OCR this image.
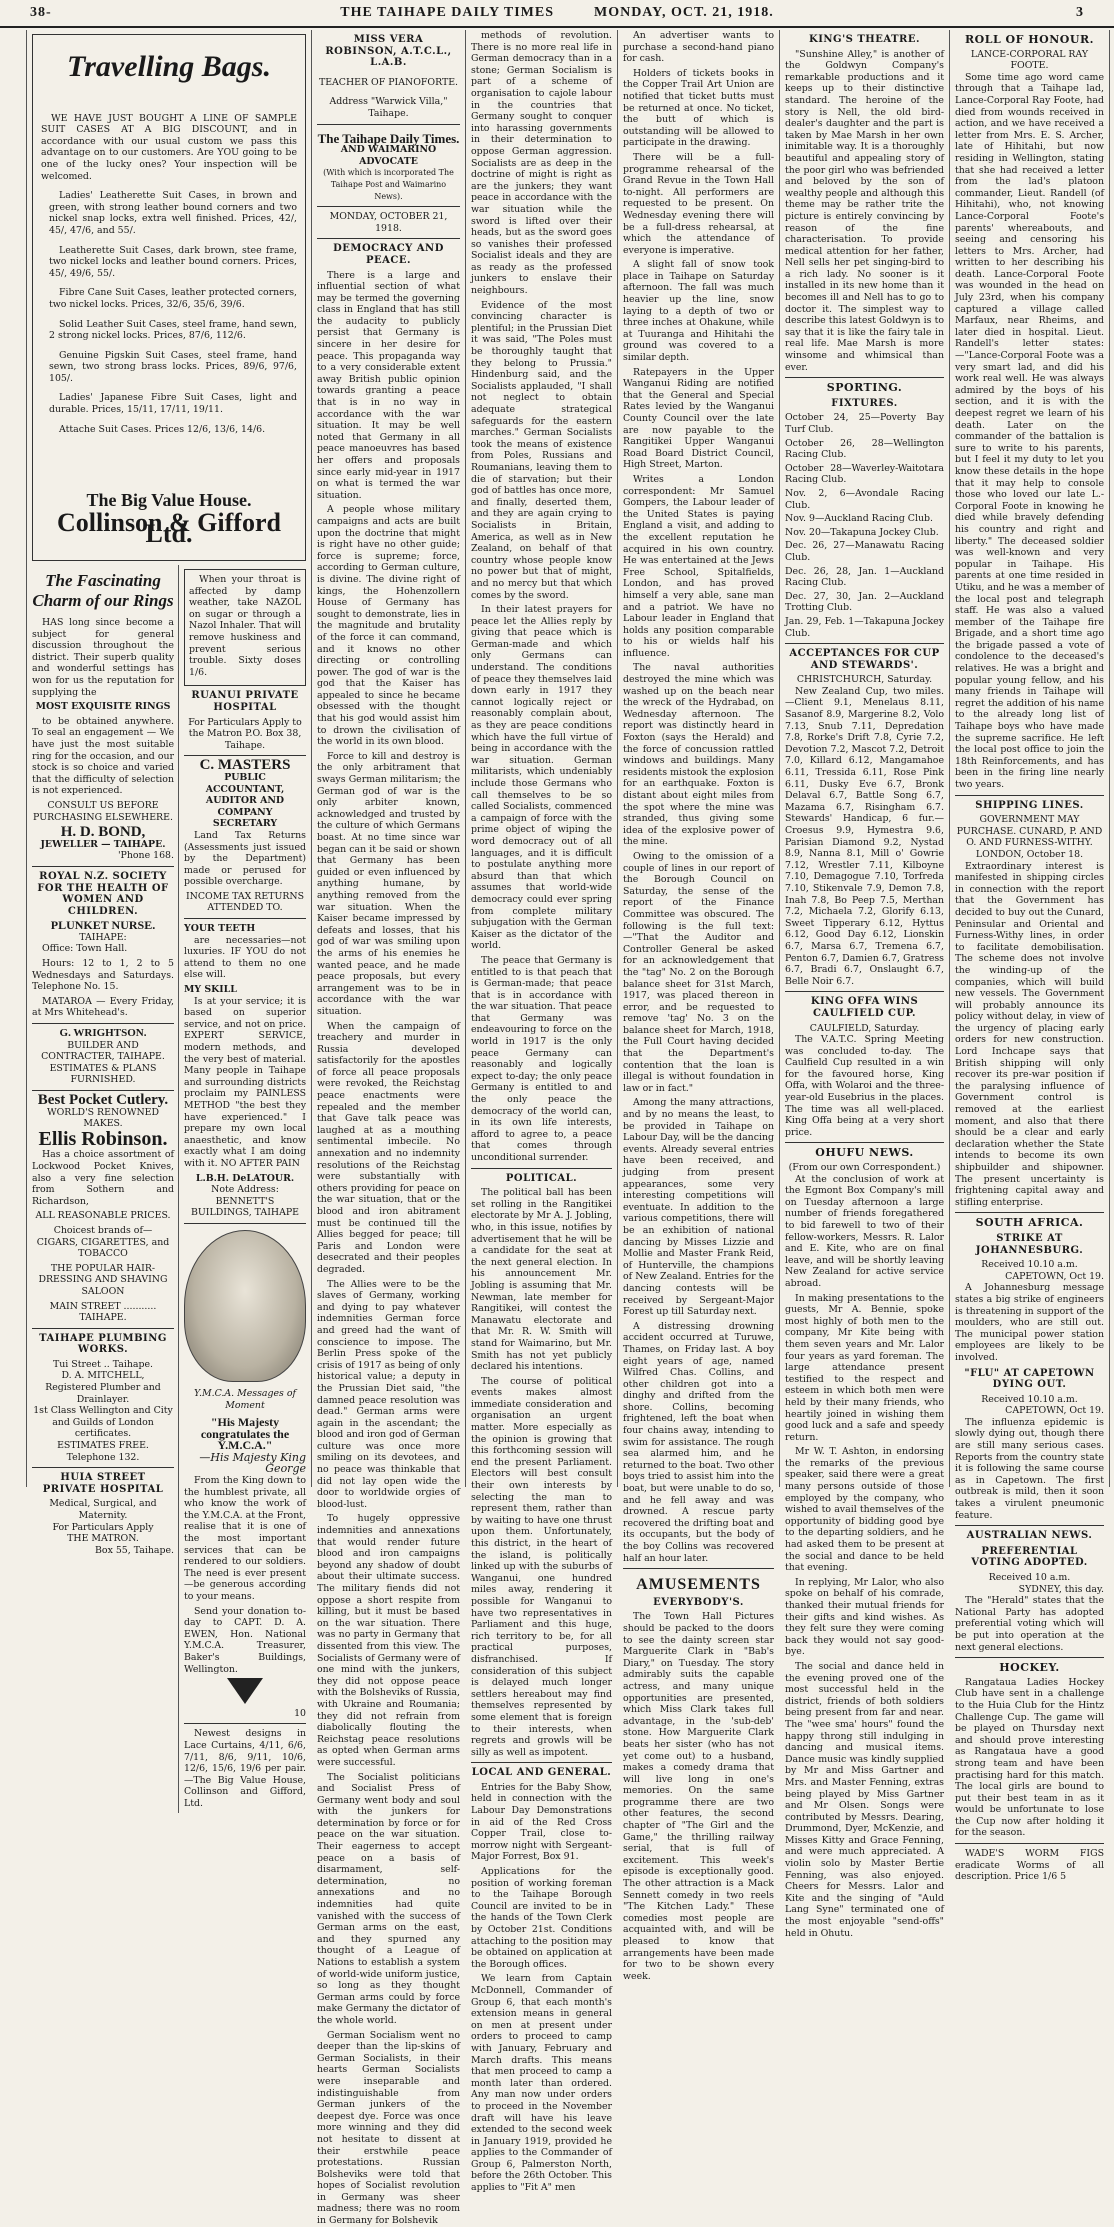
38-	THE TAIHAPE DAILY TIMES	MONDAY, OCT. 21, 1918.	3
Travelling Bags.

WE HAVE JUST BOUGHT A LINE OF SAMPLE SUIT CASES AT A BIG DISCOUNT, and in accordance with our usual custom we pass this advantage on to our customers. Are YOU going to be one of the lucky ones? Your inspection will be welcomed.

Ladies' Leatherette Suit Cases, in brown and green, with strong leather bound corners and two nickel snap locks, extra well finished. Prices, 42/, 45/, 47/6, and 55/.

Leatherette Suit Cases, dark brown, stee frame, two nickel locks and leather bound corners. Prices, 45/, 49/6, 55/.

Fibre Cane Suit Cases, leather protected corners, two nickel locks. Prices, 32/6, 35/6, 39/6.

Solid Leather Suit Cases, steel frame, hand sewn, 2 strong nickel locks. Prices, 87/6, 112/6.

Genuine Pigskin Suit Cases, steel frame, hand sewn, two strong brass locks. Prices, 89/6, 97/6, 105/.

Ladies' Japanese Fibre Suit Cases, light and durable. Prices, 15/11, 17/11, 19/11.

Attache Suit Cases. Prices 12/6, 13/6, 14/6.

The Big Value House.
Collinson & Gifford Ltd.
The Fascinating Charm of our Rings

HAS long since become a subject for general discussion throughout the district. Their superb quality and wonderful settings has won for us the reputation for supplying the

MOST EXQUISITE RINGS

to be obtained anywhere. To seal an engagement — We have just the most suitable ring for the occasion, and our stock is so choice and varied that the difficulty of selection is not experienced.

CONSULT US BEFORE PURCHASING ELSEWHERE.

H. D. BOND,
JEWELLER — TAIHAPE.
'Phone 168.
ROYAL N.Z. SOCIETY FOR THE HEALTH OF WOMEN AND CHILDREN.
PLUNKET NURSE.
TAIHAPE:

Office: Town Hall.

Hours: 12 to 1, 2 to 5 Wednesdays and Saturdays. Telephone No. 15.

MATAROA — Every Friday, at Mrs Whitehead's.

G. WRIGHTSON.
BUILDER AND CONTRACTER, TAIHAPE.
ESTIMATES & PLANS FURNISHED.
Best Pocket Cutlery.
WORLD'S RENOWNED MAKES.
Ellis Robinson.

Has a choice assortment of Lockwood Pocket Knives, also a very fine selection from Sothern and Richardson,

ALL REASONABLE PRICES.

Choicest brands of— CIGARS, CIGARETTES, and TOBACCO

THE POPULAR HAIR-DRESSING AND SHAVING SALOON

MAIN STREET ........... TAIHAPE.

TAIHAPE PLUMBING WORKS.
Tui Street .. Taihape.
D. A. MITCHELL,
Registered Plumber and Drainlayer.
1st Class Wellington and City and Guilds of London certificates.
ESTIMATES FREE.
Telephone 132.
HUIA STREET PRIVATE HOSPITAL
Medical, Surgical, and Maternity.
For Particulars Apply
THE MATRON.
Box 55, Taihape.

When your throat is affected by damp weather, take NAZOL on sugar or through a Nazol Inhaler. That will remove huskiness and prevent serious trouble. Sixty doses 1/6.

RUANUI PRIVATE HOSPITAL

For Particulars Apply to the Matron P.O. Box 38, Taihape.

C. MASTERS
PUBLIC ACCOUNTANT, AUDITOR AND COMPANY SECRETARY

Land Tax Returns (Assessments just issued by the Department) made or perused for possible overcharge.

INCOME TAX RETURNS ATTENDED TO.

YOUR TEETH

are necessaries—not luxuries. IF YOU do not attend to them no one else will.

MY SKILL

Is at your service; it is based on superior service, and not on price. EXPERT SERVICE, modern methods, and the very best of material. Many people in Taihape and surrounding districts proclaim my PAINLESS METHOD "the best they have experienced." I prepare my own local anaesthetic, and know exactly what I am doing with it. NO AFTER PAIN

L.B.H. DeLATOUR.
Note Address:
BENNETT'S BUILDINGS, TAIHAPE
Y.M.C.A. Messages of Moment
"His Majesty congratulates the Y.M.C.A."
—His Majesty King George

From the King down to the humblest private, all who know the work of the Y.M.C.A. at the Front, realise that it is one of the most important services that can be rendered to our soldiers. The need is ever present—be generous according to your means.

Send your donation to-day to CAPT. D. A. EWEN, Hon. National Y.M.C.A. Treasurer, Baker's Buildings, Wellington.

10

Newest designs in Lace Curtains, 4/11, 6/6, 7/11, 8/6, 9/11, 10/6, 12/6, 15/6, 19/6 per pair.—The Big Value House, Collinson and Gifford, Ltd.

MISS VERA ROBINSON, A.T.C.L., L.A.B.
TEACHER OF PIANOFORTE.
Address "Warwick Villa," Taihape.
The Taihape Daily Times.
AND WAIMARINO ADVOCATE
(With which is incorporated The Taihape Post and Waimarino News).
MONDAY, OCTOBER 21, 1918.
DEMOCRACY AND PEACE.

There is a large and influential section of what may be termed the governing class in England that has still the audacity to publicly persist that Germany is sincere in her desire for peace. This propaganda way to a very considerable extent away British public opinion towards granting a peace that is in no way in accordance with the war situation. It may be well noted that Germany in all peace manoeuvres has based her offers and proposals since early mid-year in 1917 on what is termed the war situation.

A people whose military campaigns and acts are built upon the doctrine that might is right have no other guide; force is supreme; force, according to German culture, is divine. The divine right of kings, the Hohenzollern House of Germany has sought to demonstrate, lies in the magnitude and brutality of the force it can command, and it knows no other directing or controlling power. The god of war is the god that the Kaiser has appealed to since he became obsessed with the thought that his god would assist him to drown the civilisation of the world in its own blood.

Force to kill and destroy is the only arbitrament that sways German militarism; the German god of war is the only arbiter known, acknowledged and trusted by the culture of which Germans boast. At no time since war began can it be said or shown that Germany has been guided or even influenced by anything humane, by anything removed from the war situation. When the Kaiser became impressed by defeats and losses, that his god of war was smiling upon the arms of his enemies he wanted peace, and he made peace proposals, but every arrangement was to be in accordance with the war situation.

When the campaign of treachery and murder in Russia developed satisfactorily for the apostles of force all peace proposals were revoked, the Reichstag peace enactments were repealed and the member that Gave talk peace was laughed at as a mouthing sentimental imbecile. No annexation and no indemnity resolutions of the Reichstag were substantially with others providing for peace on the war situation, that or the blood and iron abitrament must be continued till the Allies begged for peace; till Paris and London were desecrated and their peoples degraded.

The Allies were to be the slaves of Germany, working and dying to pay whatever indemnities German force and greed had the want of conscience to impose. The Berlin Press spoke of the crisis of 1917 as being of only historical value; a deputy in the Prussian Diet said, "the damned peace resolution was dead." German arms were again in the ascendant; the blood and iron god of German culture was once more smiling on its devotees, and no peace was thinkable that did not lay open wide the door to worldwide orgies of blood-lust.

To hugely oppressive indemnities and annexations that would render future blood and iron campaigns beyond any shadow of doubt about their ultimate success. The military fiends did not oppose a short respite from killing, but it must be based on the war situation. There was no party in Germany that dissented from this view. The Socialists of Germany were of one mind with the junkers, they did not oppose peace with the Bolsheviks of Russia, with Ukraine and Roumania; they did not refrain from diabolically flouting the Reichstag peace resolutions as opted when German arms were successful.

The Socialist politicians and Socialist Press of Germany went body and soul with the junkers for determination by force or for peace on the war situation. Their eagerness to accept peace on a basis of disarmament, self-determination, no annexations and no indemnities had quite vanished with the success of German arms on the east, and they spurned any thought of a League of Nations to establish a system of world-wide uniform justice, so long as they thought German arms could by force make Germany the dictator of the whole world.

German Socialism went no deeper than the lip-skins of German Socialists, in their hearts German Socialists were inseparable and indistinguishable from German junkers of the deepest dye. Force was once more winning and they did not hesitate to dissent at their erstwhile peace protestations. Russian Bolsheviks were told that hopes of Socialist revolution in Germany was sheer madness; there was no room in Germany for Bolshevik

methods of revolution. There is no more real life in German democracy than in a stone; German Socialism is part of a scheme of organisation to cajole labour in the countries that Germany sought to conquer into harassing governments in their determination to oppose German aggression. Socialists are as deep in the doctrine of might is right as are the junkers; they want peace in accordance with the war situation while the sword is lifted over their heads, but as the sword goes so vanishes their professed Socialist ideals and they are as ready as the professed junkers to enslave their neighbours.

Evidence of the most convincing character is plentiful; in the Prussian Diet it was said, "The Poles must be thoroughly taught that they belong to Prussia." Hindenburg said, and the Socialists applauded, "I shall not neglect to obtain adequate strategical safeguards for the eastern marches." German Socialists took the means of existence from Poles, Russians and Roumanians, leaving them to die of starvation; but their god of battles has once more, and finally, deserted them, and they are again crying to Socialists in Britain, America, as well as in New Zealand, on behalf of that country whose people know no power but that of might, and no mercy but that which comes by the sword.

In their latest prayers for peace let the Allies reply by giving that peace which is German-made and which only Germans can understand. The conditions of peace they themselves laid down early in 1917 they cannot logically reject or reasonably complain about, as they are peace conditions which have the full virtue of being in accordance with the war situation. German militarists, which undeniably include those Germans who call themselves to be so called Socialists, commenced a campaign of force with the prime object of wiping the word democracy out of all languages, and it is difficult to postulate anything more absurd than that which assumes that world-wide democracy could ever spring from complete military subjugation with the German Kaiser as the dictator of the world.

The peace that Germany is entitled to is that peach that is German-made; that peace that is in accordance with the war situation. That peace that Germany was endeavouring to force on the world in 1917 is the only peace Germany can reasonably and logically expect to-day; the only peace Germany is entitled to and the only peace the democracy of the world can, in its own life interests, afford to agree to, a peace that comes through unconditional surrender.

POLITICAL.

The political ball has been set rolling in the Rangitikei electorate by Mr A. J. Jobling, who, in this issue, notifies by advertisement that he will be a candidate for the seat at the next general election. In his announcement Mr. Jobling is assuming that Mr. Newman, late member for Rangitikei, will contest the Manawatu electorate and that Mr. R. W. Smith will stand for Waimarino, but Mr. Smith has not yet publicly declared his intentions.

The course of political events makes almost immediate consideration and organisation an urgent matter. More especially as the opinion is growing that this forthcoming session will end the present Parliament. Electors will best consult their own interests by selecting the man to represent them, rather than by waiting to have one thrust upon them. Unfortunately, this district, in the heart of the island, is politically linked up with the suburbs of Wanganui, one hundred miles away, rendering it possible for Wanganui to have two representatives in Parliament and this huge, rich territory to be, for all practical purposes, disfranchised. If consideration of this subject is delayed much longer settlers hereabout may find themselves represented by some element that is foreign to their interests, when regrets and growls will be silly as well as impotent.

LOCAL AND GENERAL.

Entries for the Baby Show, held in connection with the Labour Day Demonstrations in aid of the Red Cross Copper Trail, close to-morrow night with Sergeant-Major Forrest, Box 91.

Applications for the position of working foreman to the Taihape Borough Council are invited to be in the hands of the Town Clerk by October 21st. Conditions attaching to the position may be obtained on application at the Borough offices.

We learn from Captain McDonnell, Commander of Group 6, that each month's extension means in general on men at present under orders to proceed to camp with January, February and March drafts. This means that men proceed to camp a month later than ordered. Any man now under orders to proceed in the November draft will have his leave extended to the second week in January 1919, provided he applies to the Commander of Group 6, Palmerston North, before the 26th October. This applies to "Fit A" men

An advertiser wants to purchase a second-hand piano for cash.

Holders of tickets books in the Copper Trail Art Union are notified that ticket butts must be returned at once. No ticket, the butt of which is outstanding will be allowed to participate in the drawing.

There will be a full-programme rehearsal of the Grand Revue in the Town Hall to-night. All performers are requested to be present. On Wednesday evening there will be a full-dress rehearsal, at which the attendance of everyone is imperative.

A slight fall of snow took place in Taihape on Saturday afternoon. The fall was much heavier up the line, snow laying to a depth of two or three inches at Ohakune, while at Tuuranga and Hihitahi the ground was covered to a similar depth.

Ratepayers in the Upper Wanganui Riding are notified that the General and Special Rates levied by the Wanganui County Council over the late are now payable to the Rangitikei Upper Wanganui Road Board District Council, High Street, Marton.

Writes a London correspondent: Mr Samuel Gompers, the Labour leader of the United States is paying England a visit, and adding to the excellent reputation he acquired in his own country. He was entertained at the Jews Free School, Spitalfields, London, and has proved himself a very able, sane man and a patriot. We have no Labour leader in England that holds any position comparable to his or wields half his influence.

The naval authorities destroyed the mine which was washed up on the beach near the wreck of the Hydrabad, on Wednesday afternoon. The report was distinctly heard in Foxton (says the Herald) and the force of concussion rattled windows and buildings. Many residents mistook the explosion for an earthquake. Foxton is distant about eight miles from the spot where the mine was stranded, thus giving some idea of the explosive power of the mine.

Owing to the omission of a couple of lines in our report of the Borough Council on Saturday, the sense of the report of the Finance Committee was obscured. The following is the full text:—"That the Auditor and Controller General be asked for an acknowledgement that the "tag" No. 2 on the Borough balance sheet for 31st March, 1917, was placed thereon in error, and be requested to remove 'tag' No. 3 on the balance sheet for March, 1918, the Full Court having decided that the Department's contention that the loan is illegal is without foundation in law or in fact."

Among the many attractions, and by no means the least, to be provided in Taihape on Labour Day, will be the dancing events. Already several entries have been received, and judging from present appearances, some very interesting competitions will eventuate. In addition to the various competitions, there will be an exhibition of national dancing by Misses Lizzie and Mollie and Master Frank Reid, of Hunterville, the champions of New Zealand. Entries for the dancing contests will be received by Sergeant-Major Forest up till Saturday next.

A distressing drowning accident occurred at Turuwe, Thames, on Friday last. A boy eight years of age, named Wilfred Chas. Collins, and other children got into a dinghy and drifted from the shore. Collins, becoming frightened, left the boat when four chains away, intending to swim for assistance. The rough sea alarmed him, and he returned to the boat. Two other boys tried to assist him into the boat, but were unable to do so, and he fell away and was drowned. A rescue party recovered the drifting boat and its occupants, but the body of the boy Collins was recovered half an hour later.

AMUSEMENTS
EVERYBODY'S.

The Town Hall Pictures should be packed to the doors to see the dainty screen star Marguerite Clark in "Bab's Diary," on Tuesday. The story admirably suits the capable actress, and many unique opportunities are presented, which Miss Clark takes full advantage, in the 'sub-deb' stone. How Marguerite Clark beats her sister (who has not yet come out) to a husband, makes a comedy drama that will live long in one's memories. On the same programme there are two other features, the second chapter of "The Girl and the Game," the thrilling railway serial, that is full of excitement. This week's episode is exceptionally good. The other attraction is a Mack Sennett comedy in two reels "The Kitchen Lady." These comedies most people are acquainted with, and will be pleased to know that arrangements have been made for two to be shown every week.

KING'S THEATRE.

"Sunshine Alley," is another of the Goldwyn Company's remarkable productions and it keeps up to their distinctive standard. The heroine of the story is Nell, the old bird-dealer's daughter and the part is taken by Mae Marsh in her own inimitable way. It is a thoroughly beautiful and appealing story of the poor girl who was befriended and beloved by the son of wealthy people and although this theme may be rather trite the picture is entirely convincing by reason of the fine characterisation. To provide medical attention for her father, Nell sells her pet singing-bird to a rich lady. No sooner is it installed in its new home than it becomes ill and Nell has to go to doctor it. The simplest way to describe this latest Goldwyn is to say that it is like the fairy tale in real life. Mae Marsh is more winsome and whimsical than ever.

SPORTING.
FIXTURES.
October 24, 25—Poverty Bay Turf Club.
October 26, 28—Wellington Racing Club.
October 28—Waverley-Waitotara Racing Club.
Nov. 2, 6—Avondale Racing Club.
Nov. 9—Auckland Racing Club.
Nov. 20—Takapuna Jockey Club.
Dec. 26, 27—Manawatu Racing Club.
Dec. 26, 28, Jan. 1—Auckland Racing Club.
Dec. 27, 30, Jan. 2—Auckland Trotting Club.
Jan. 29, Feb. 1—Takapuna Jockey Club.
ACCEPTANCES FOR CUP AND STEWARDS'.
CHRISTCHURCH, Saturday.

New Zealand Cup, two miles.—Client 9.1, Menelaus 8.11, Sasanof 8.9, Margerine 8.2, Volo 7.13, Snub 7.11, Depredation 7.8, Rorke's Drift 7.8, Cyrie 7.2, Devotion 7.2, Mascot 7.2, Detroit 7.0, Killard 6.12, Mangamahoe 6.11, Tressida 6.11, Rose Pink 6.11, Dusky Eve 6.7, Bronk Delaval 6.7, Battle Song 6.7, Mazama 6.7, Risingham 6.7. Stewards' Handicap, 6 fur.—Croesus 9.9, Hymestra 9.6, Parisian Diamond 9.2, Nystad 8.9, Nanna 8.1, Mill o' Gowrie 7.12, Wrestler 7.11, Kilboyne 7.10, Demagogue 7.10, Torfreda 7.10, Stikenvale 7.9, Demon 7.8, Inah 7.8, Bo Peep 7.5, Merthan 7.2, Michaela 7.2, Glorify 6.13, Sweet Tipperary 6.12, Hyttus 6.12, Good Day 6.12, Lionskin 6.7, Marsa 6.7, Tremena 6.7, Penton 6.7, Damien 6.7, Gratress 6.7, Bradi 6.7, Onslaught 6.7, Belle Noir 6.7.

KING OFFA WINS CAULFIELD CUP.
CAULFIELD, Saturday.

The V.A.T.C. Spring Meeting was concluded to-day. The Caulfield Cup resulted in a win for the favoured horse, King Offa, with Wolaroi and the three-year-old Eusebrius in the places. The time was all well-placed. King Offa being at a very short price.

OHUFU NEWS.
(From our own Correspondent.)

At the conclusion of work at the Egmont Box Company's mill on Tuesday afternoon a large number of friends foregathered to bid farewell to two of their fellow-workers, Messrs. R. Lalor and E. Kite, who are on final leave, and will be shortly leaving New Zealand for active service abroad.

In making presentations to the guests, Mr A. Bennie, spoke most highly of both men to the company, Mr Kite being with them seven years and Mr. Lalor four years as yard foreman. The large attendance present testified to the respect and esteem in which both men were held by their many friends, who heartily joined in wishing them good luck and a safe and speedy return.

Mr W. T. Ashton, in endorsing the remarks of the previous speaker, said there were a great many persons outside of those employed by the company, who wished to avail themselves of the opportunity of bidding good bye to the departing soldiers, and he had asked them to be present at the social and dance to be held that evening.

In replying, Mr Lalor, who also spoke on behalf of his comrade, thanked their mutual friends for their gifts and kind wishes. As they felt sure they were coming back they would not say good-bye.

The social and dance held in the evening proved one of the most successful held in the district, friends of both soldiers being present from far and near. The "wee sma' hours" found the happy throng still indulging in dancing and musical items. Dance music was kindly supplied by Mr and Miss Gartner and Mrs. and Master Fenning, extras being played by Miss Gartner and Mr Olsen. Songs were contributed by Messrs. Dearing, Drummond, Dyer, McKenzie, and Misses Kitty and Grace Fenning, and were much appreciated. A violin solo by Master Bertie Fenning, was also enjoyed. Cheers for Messrs. Lalor and Kite and the singing of "Auld Lang Syne" terminated one of the most enjoyable "send-offs" held in Ohutu.

ROLL OF HONOUR.
LANCE-CORPORAL RAY FOOTE.

Some time ago word came through that a Taihape lad, Lance-Corporal Ray Foote, had died from wounds received in action, and we have received a letter from Mrs. E. S. Archer, late of Hihitahi, but now residing in Wellington, stating that she had received a letter from the lad's platoon commander, Lieut. Randell (of Hihitahi), who, not knowing Lance-Corporal Foote's parents' whereabouts, and seeing and censoring his letters to Mrs. Archer, had written to her describing his death. Lance-Corporal Foote was wounded in the head on July 23rd, when his company captured a village called Marfaux, near Rheims, and later died in hospital. Lieut. Randell's letter states:—"Lance-Corporal Foote was a very smart lad, and did his work real well. He was always admired by the boys of his section, and it is with the deepest regret we learn of his death. Later on the commander of the battalion is sure to write to his parents, but I feel it my duty to let you know these details in the hope that it may help to console those who loved our late L.-Corporal Foote in knowing he died while bravely defending his country and right and liberty." The deceased soldier was well-known and very popular in Taihape. His parents at one time resided in Utiku, and he was a member of the local post and telegraph staff. He was also a valued member of the Taihape fire Brigade, and a short time ago the brigade passed a vote of condolence to the deceased's relatives. He was a bright and popular young fellow, and his many friends in Taihape will regret the addition of his name to the already long list of Taihape boys who have made the supreme sacrifice. He left the local post office to join the 18th Reinforcements, and has been in the firing line nearly two years.

SHIPPING LINES.
GOVERNMENT MAY PURCHASE. CUNARD, P. AND O. AND FURNESS-WITHY.
LONDON, October 18.

Extraordinary interest is manifested in shipping circles in connection with the report that the Government has decided to buy out the Cunard, Peninsular and Oriental and Furness-Withy lines, in order to facilitate demobilisation. The scheme does not involve the winding-up of the companies, which will build new vessels. The Government will probably announce its policy without delay, in view of the urgency of placing early orders for new construction. Lord Inchcape says that British shipping will only recover its pre-war position if the paralysing influence of Government control is removed at the earliest moment, and also that there should be a clear and early declaration whether the State intends to become its own shipbuilder and shipowner. The present uncertainty is frightening capital away and stifling enterprise.

SOUTH AFRICA.
STRIKE AT JOHANNESBURG.
Received 10.10 a.m.
CAPETOWN, Oct 19.

A Johannesburg message states a big strike of engineers is threatening in support of the moulders, who are still out. The municipal power station employees are likely to be involved.

"FLU" AT CAPETOWN DYING OUT.
Received 10.10 a.m.
CAPETOWN, Oct 19.

The influenza epidemic is slowly dying out, though there are still many serious cases. Reports from the country state it is following the same course as in Capetown. The first outbreak is mild, then it soon takes a virulent pneumonic feature.

AUSTRALIAN NEWS.
PREFERENTIAL VOTING ADOPTED.
Received 10 a.m.
SYDNEY, this day.

The "Herald" states that the National Party has adopted preferential voting which will be put into operation at the next general elections.

HOCKEY.

Rangataua Ladies Hockey Club have sent in a challenge to the Huia Club for the Hintz Challenge Cup. The game will be played on Thursday next and should prove interesting as Rangataua have a good strong team and have been practising hard for this match. The local girls are bound to put their best team in as it would be unfortunate to lose the Cup now after holding it for the season.

WADE'S WORM FIGS eradicate Worms of all description. Price 1/6 5
